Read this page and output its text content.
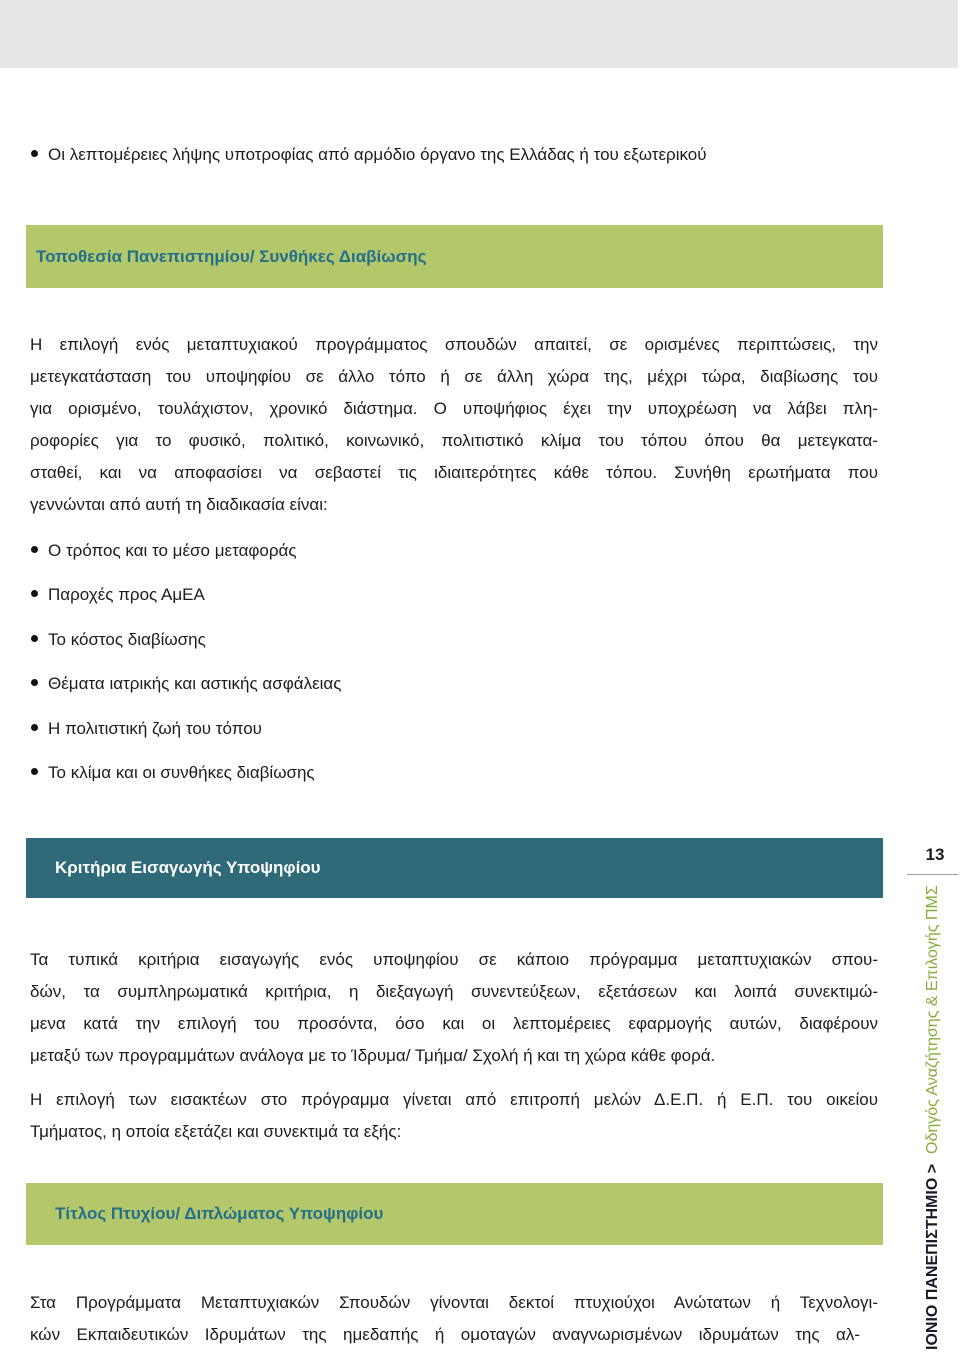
Οι λεπτομέρειες λήψης υποτροφίας από αρμόδιο όργανο της Ελλάδας ή του εξωτερικού
Τοποθεσία Πανεπιστημίου/ Συνθήκες Διαβίωσης
Η επιλογή ενός μεταπτυχιακού προγράμματος σπουδών απαιτεί, σε ορισμένες περιπτώσεις, την
μετεγκατάσταση του υποψηφίου σε άλλο τόπο ή σε άλλη χώρα της, μέχρι τώρα, διαβίωσης του
για ορισμένο, τουλάχιστον, χρονικό διάστημα. Ο υποψήφιος έχει την υποχρέωση να λάβει πλη-
ροφορίες για το φυσικό, πολιτικό, κοινωνικό, πολιτιστικό κλίμα του τόπου όπου θα μετεγκατα-
σταθεί, και να αποφασίσει να σεβαστεί τις ιδιαιτερότητες κάθε τόπου. Συνήθη ερωτήματα που
γεννώνται από αυτή τη διαδικασία είναι:
Ο τρόπος και το μέσο μεταφοράς
Παροχές προς ΑμΕΑ
Το κόστος διαβίωσης
Θέματα ιατρικής και αστικής ασφάλειας
Η πολιτιστική ζωή του τόπου
Το κλίμα και οι συνθήκες διαβίωσης
Κριτήρια Εισαγωγής Υποψηφίου
Τα τυπικά κριτήρια εισαγωγής ενός υποψηφίου σε κάποιο πρόγραμμα μεταπτυχιακών σπου-
δών, τα συμπληρωματικά κριτήρια, η διεξαγωγή συνεντεύξεων, εξετάσεων και λοιπά συνεκτιμώ-
μενα κατά την επιλογή του προσόντα, όσο και οι λεπτομέρειες εφαρμογής αυτών, διαφέρουν
μεταξύ των προγραμμάτων ανάλογα με το Ίδρυμα/ Τμήμα/ Σχολή ή και τη χώρα κάθε φορά.
Η επιλογή των εισακτέων στο πρόγραμμα γίνεται από επιτροπή μελών Δ.Ε.Π. ή Ε.Π. του οικείου
Τμήματος, η οποία εξετάζει και συνεκτιμά τα εξής:
Τίτλος Πτυχίου/ Διπλώματος Υποψηφίου
Στα Προγράμματα Μεταπτυχιακών Σπουδών γίνονται δεκτοί πτυχιούχοι Ανώτατων ή Τεχνολογι-
κών Εκπαιδευτικών Ιδρυμάτων της ημεδαπής ή ομοταγών αναγνωρισμένων ιδρυμάτων της αλ-
13
ΙΟΝΙΟ ΠΑΝΕΠΙΣΤΗΜΙΟ > Οδηγός Αναζήτησης & Επιλογής ΠΜΣ
